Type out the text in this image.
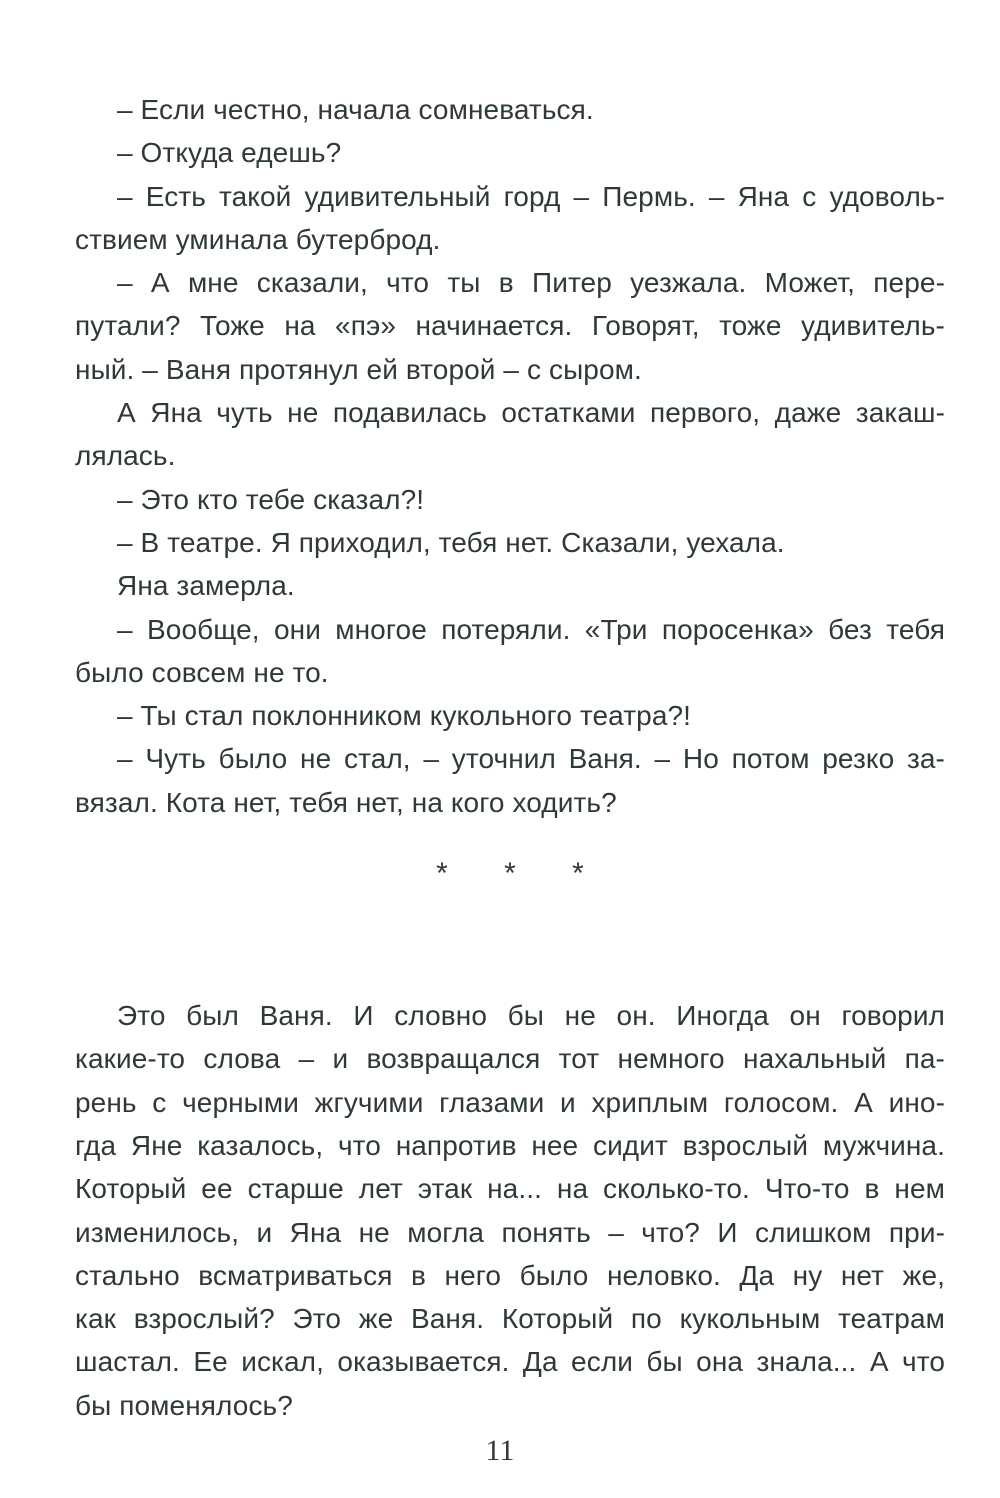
– Если честно, начала сомневаться.
– Откуда едешь?
– Есть такой удивительный горд – Пермь. – Яна с удоволь-
ствием уминала бутерброд.
– А мне сказали, что ты в Питер уезжала. Может, пере-
путали? Тоже на «пэ» начинается. Говорят, тоже удивитель-
ный. – Ваня протянул ей второй – с сыром.
А Яна чуть не подавилась остатками первого, даже закаш-
лялась.
– Это кто тебе сказал?!
– В театре. Я приходил, тебя нет. Сказали, уехала.
Яна замерла.
– Вообще, они многое потеряли. «Три поросенка» без тебя
было совсем не то.
– Ты стал поклонником кукольного театра?!
– Чуть было не стал, – уточнил Ваня. – Но потом резко за-
вязал. Кота нет, тебя нет, на кого ходить?
* * *
Это был Ваня. И словно бы не он. Иногда он говорил
какие-то слова – и возвращался тот немного нахальный па-
рень с черными жгучими глазами и хриплым голосом. А ино-
гда Яне казалось, что напротив нее сидит взрослый мужчина.
Который ее старше лет этак на... на сколько-то. Что-то в нем
изменилось, и Яна не могла понять – что? И слишком при-
стально всматриваться в него было неловко. Да ну нет же,
как взрослый? Это же Ваня. Который по кукольным театрам
шастал. Ее искал, оказывается. Да если бы она знала... А что
бы поменялось?
11
